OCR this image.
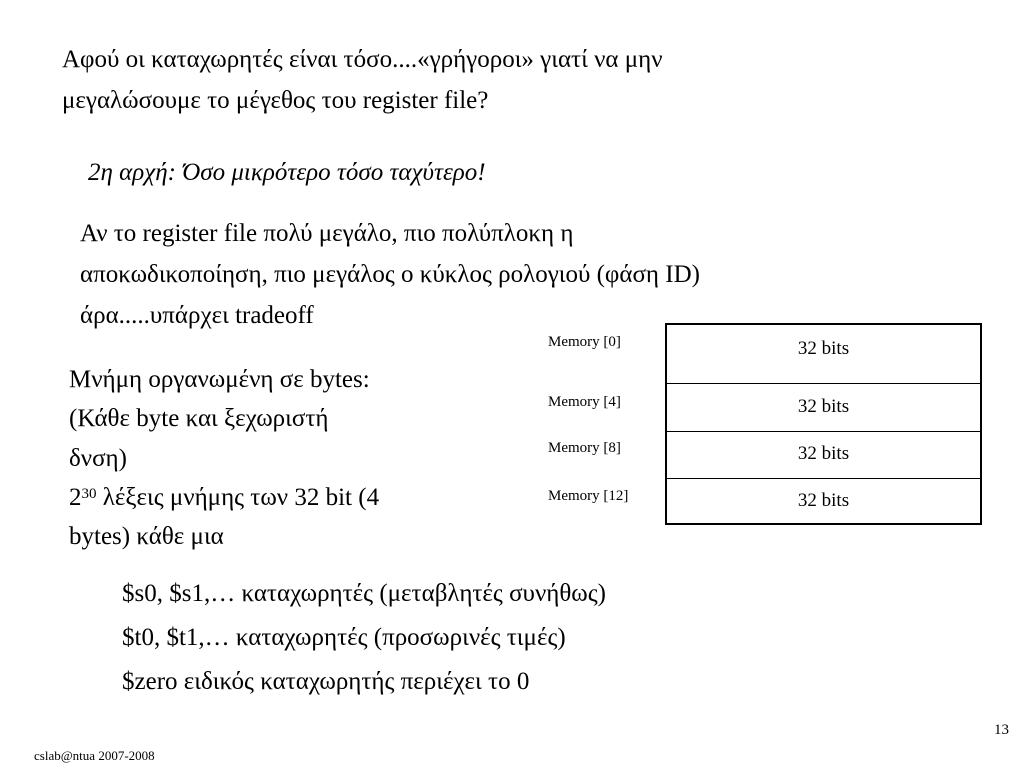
Αφού οι καταχωρητές είναι τόσο....«γρήγοροι» γιατί να μην
μεγαλώσουμε το μέγεθος του register file?
2η αρχή: Όσο μικρότερο τόσο ταχύτερο!
Αν το register file πολύ μεγάλο, πιο πολύπλοκη η
αποκωδικοποίηση, πιο μεγάλος ο κύκλος ρολογιού (φάση ID)
άρα.....υπάρχει tradeoff
Μνήμη οργανωμένη σε bytes:
(Κάθε byte και ξεχωριστή
δνση)
$2^{30}$ λέξεις μνήμης των 32 bit (4
bytes) κάθε μια
Memory [0]
Memory [4]
Memory [8]
Memory [12]
32 bits
32 bits
32 bits
32 bits
$s0, $s1,… καταχωρητές (μεταβλητές συνήθως)
$t0, $t1,… καταχωρητές (προσωρινές τιμές)
$zero ειδικός καταχωρητής περιέχει το 0
13
cslab@ntua 2007-2008
